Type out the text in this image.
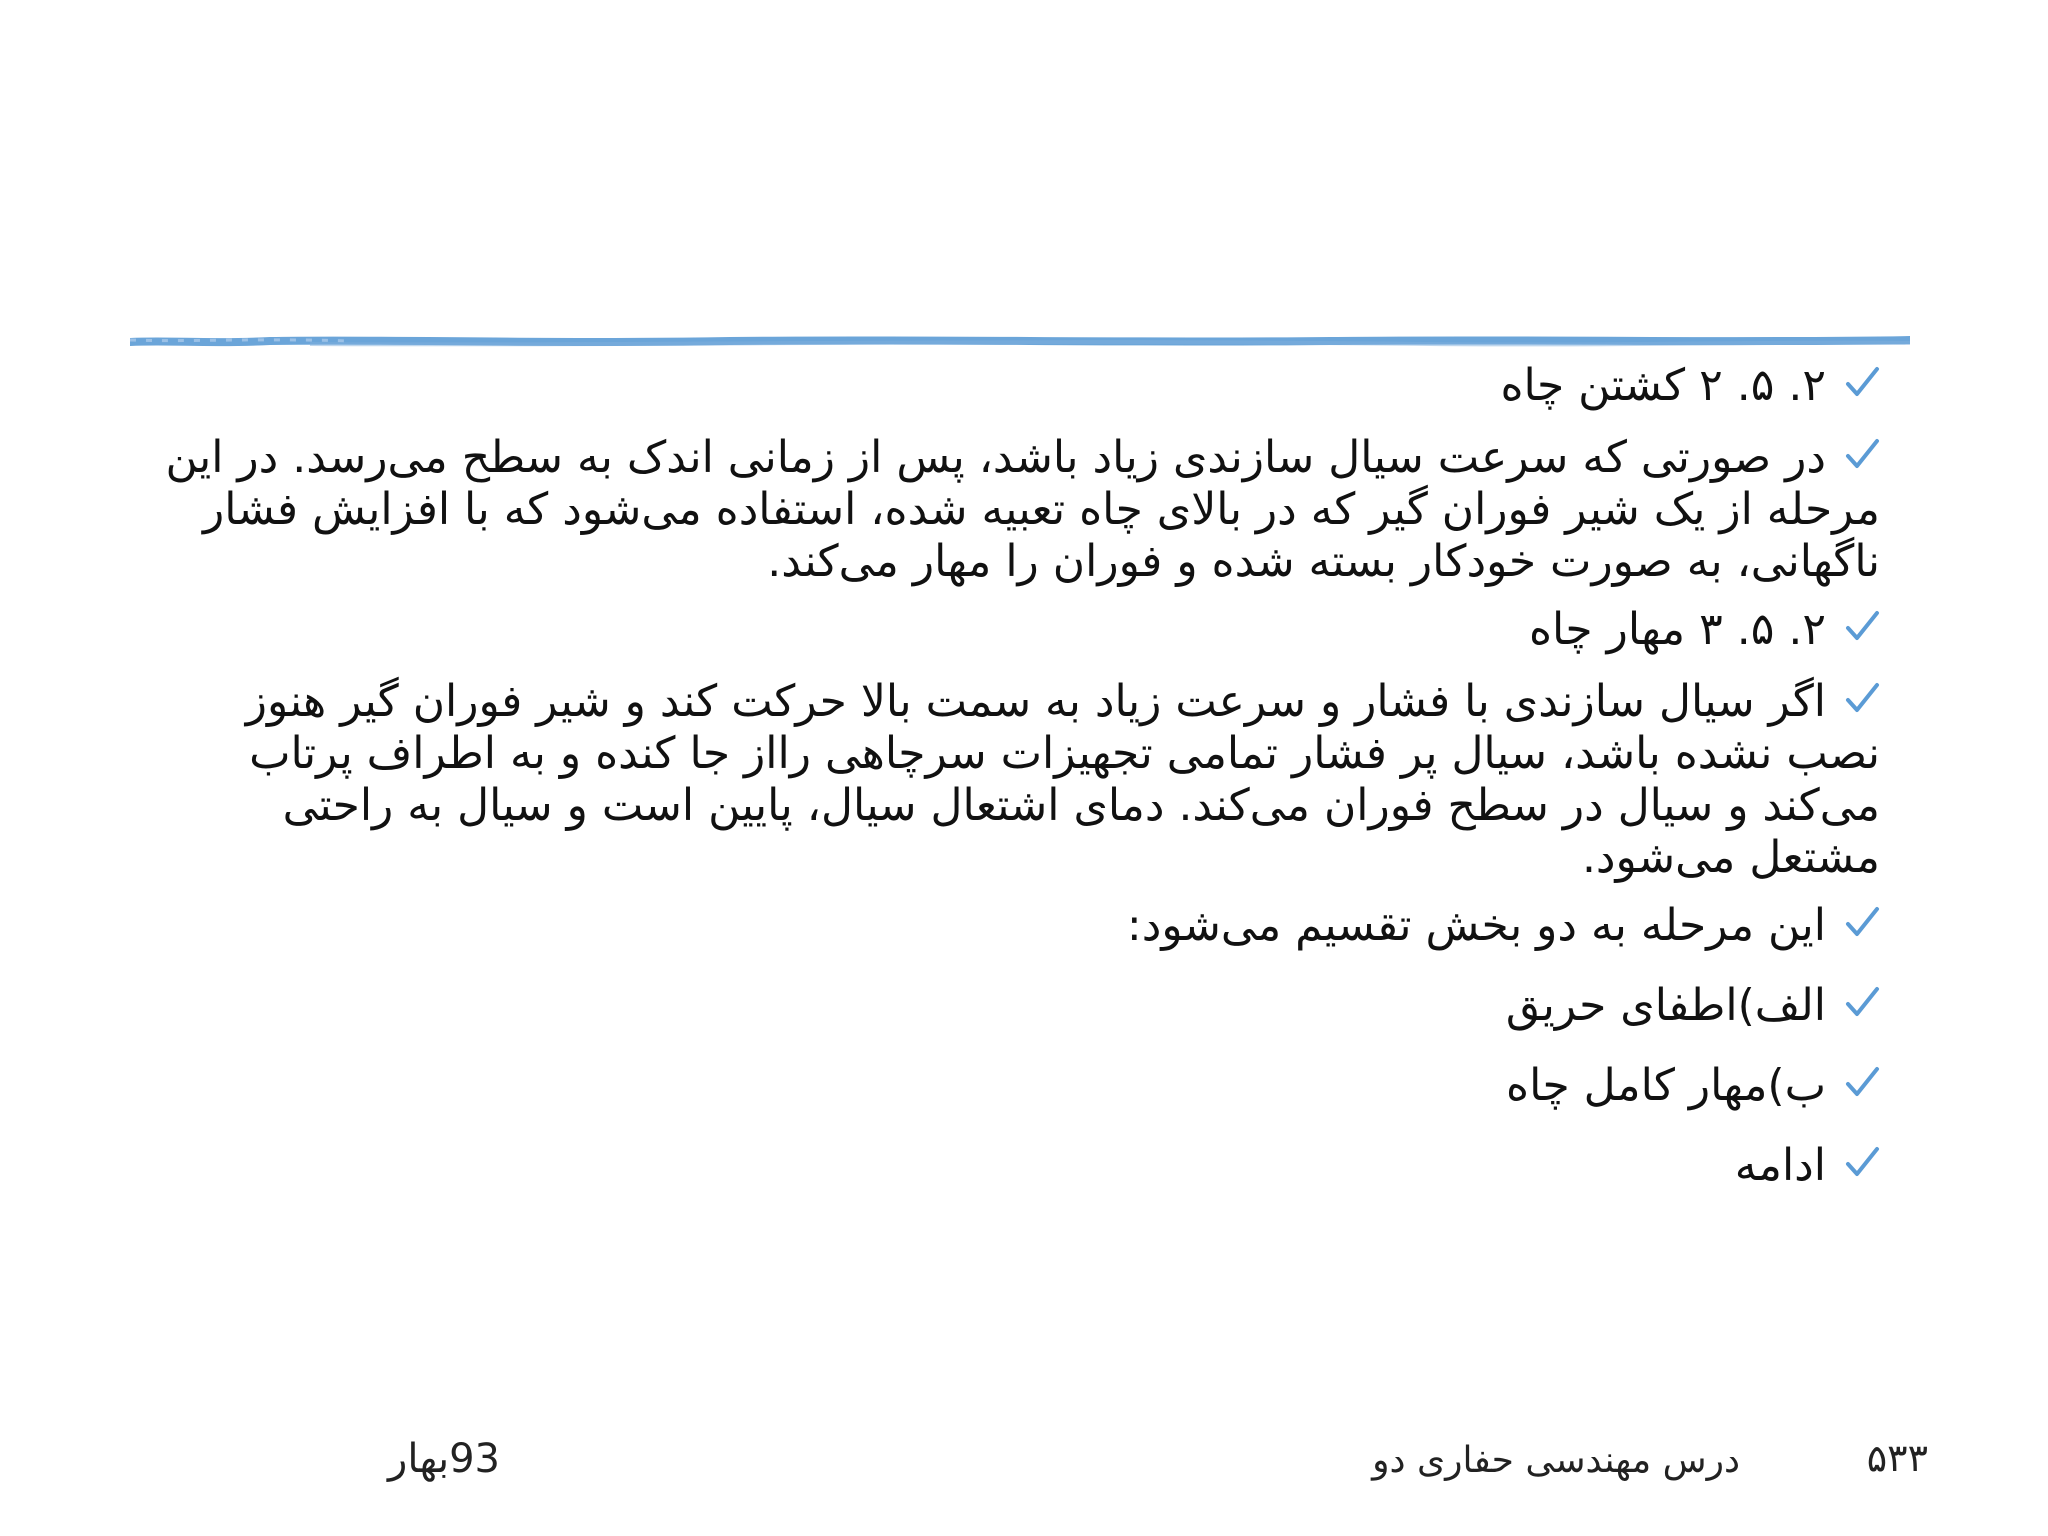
۲. ۵. ۲ کشتن چاه
در صورتی که سرعت سیال سازندی زیاد باشد، پس از زمانی اندک به سطح می‌رسد. در این مرحله از یک شیر فوران گیر که در بالای چاه تعبیه شده، استفاده می‌شود که با افزایش فشار ناگهانی، به صورت خودکار بسته شده و فوران را مهار می‌کند.
۲. ۵. ۳ مهار چاه
اگر سیال سازندی با فشار و سرعت زیاد به سمت بالا حرکت کند و شیر فوران گیر هنوز نصب نشده باشد، سیال پر فشار تمامی تجهیزات سرچاهی رااز جا کنده و به اطراف پرتاب می‌کند و سیال در سطح فوران می‌کند. دمای اشتعال سیال، پایین است و سیال به راحتی مشتعل می‌شود.
این مرحله به دو بخش تقسیم می‌شود:
الف)اطفای حریق
ب)مهار کامل چاه
ادامه
۵۳۳
درس مهندسی حفاری دو
93بهار
